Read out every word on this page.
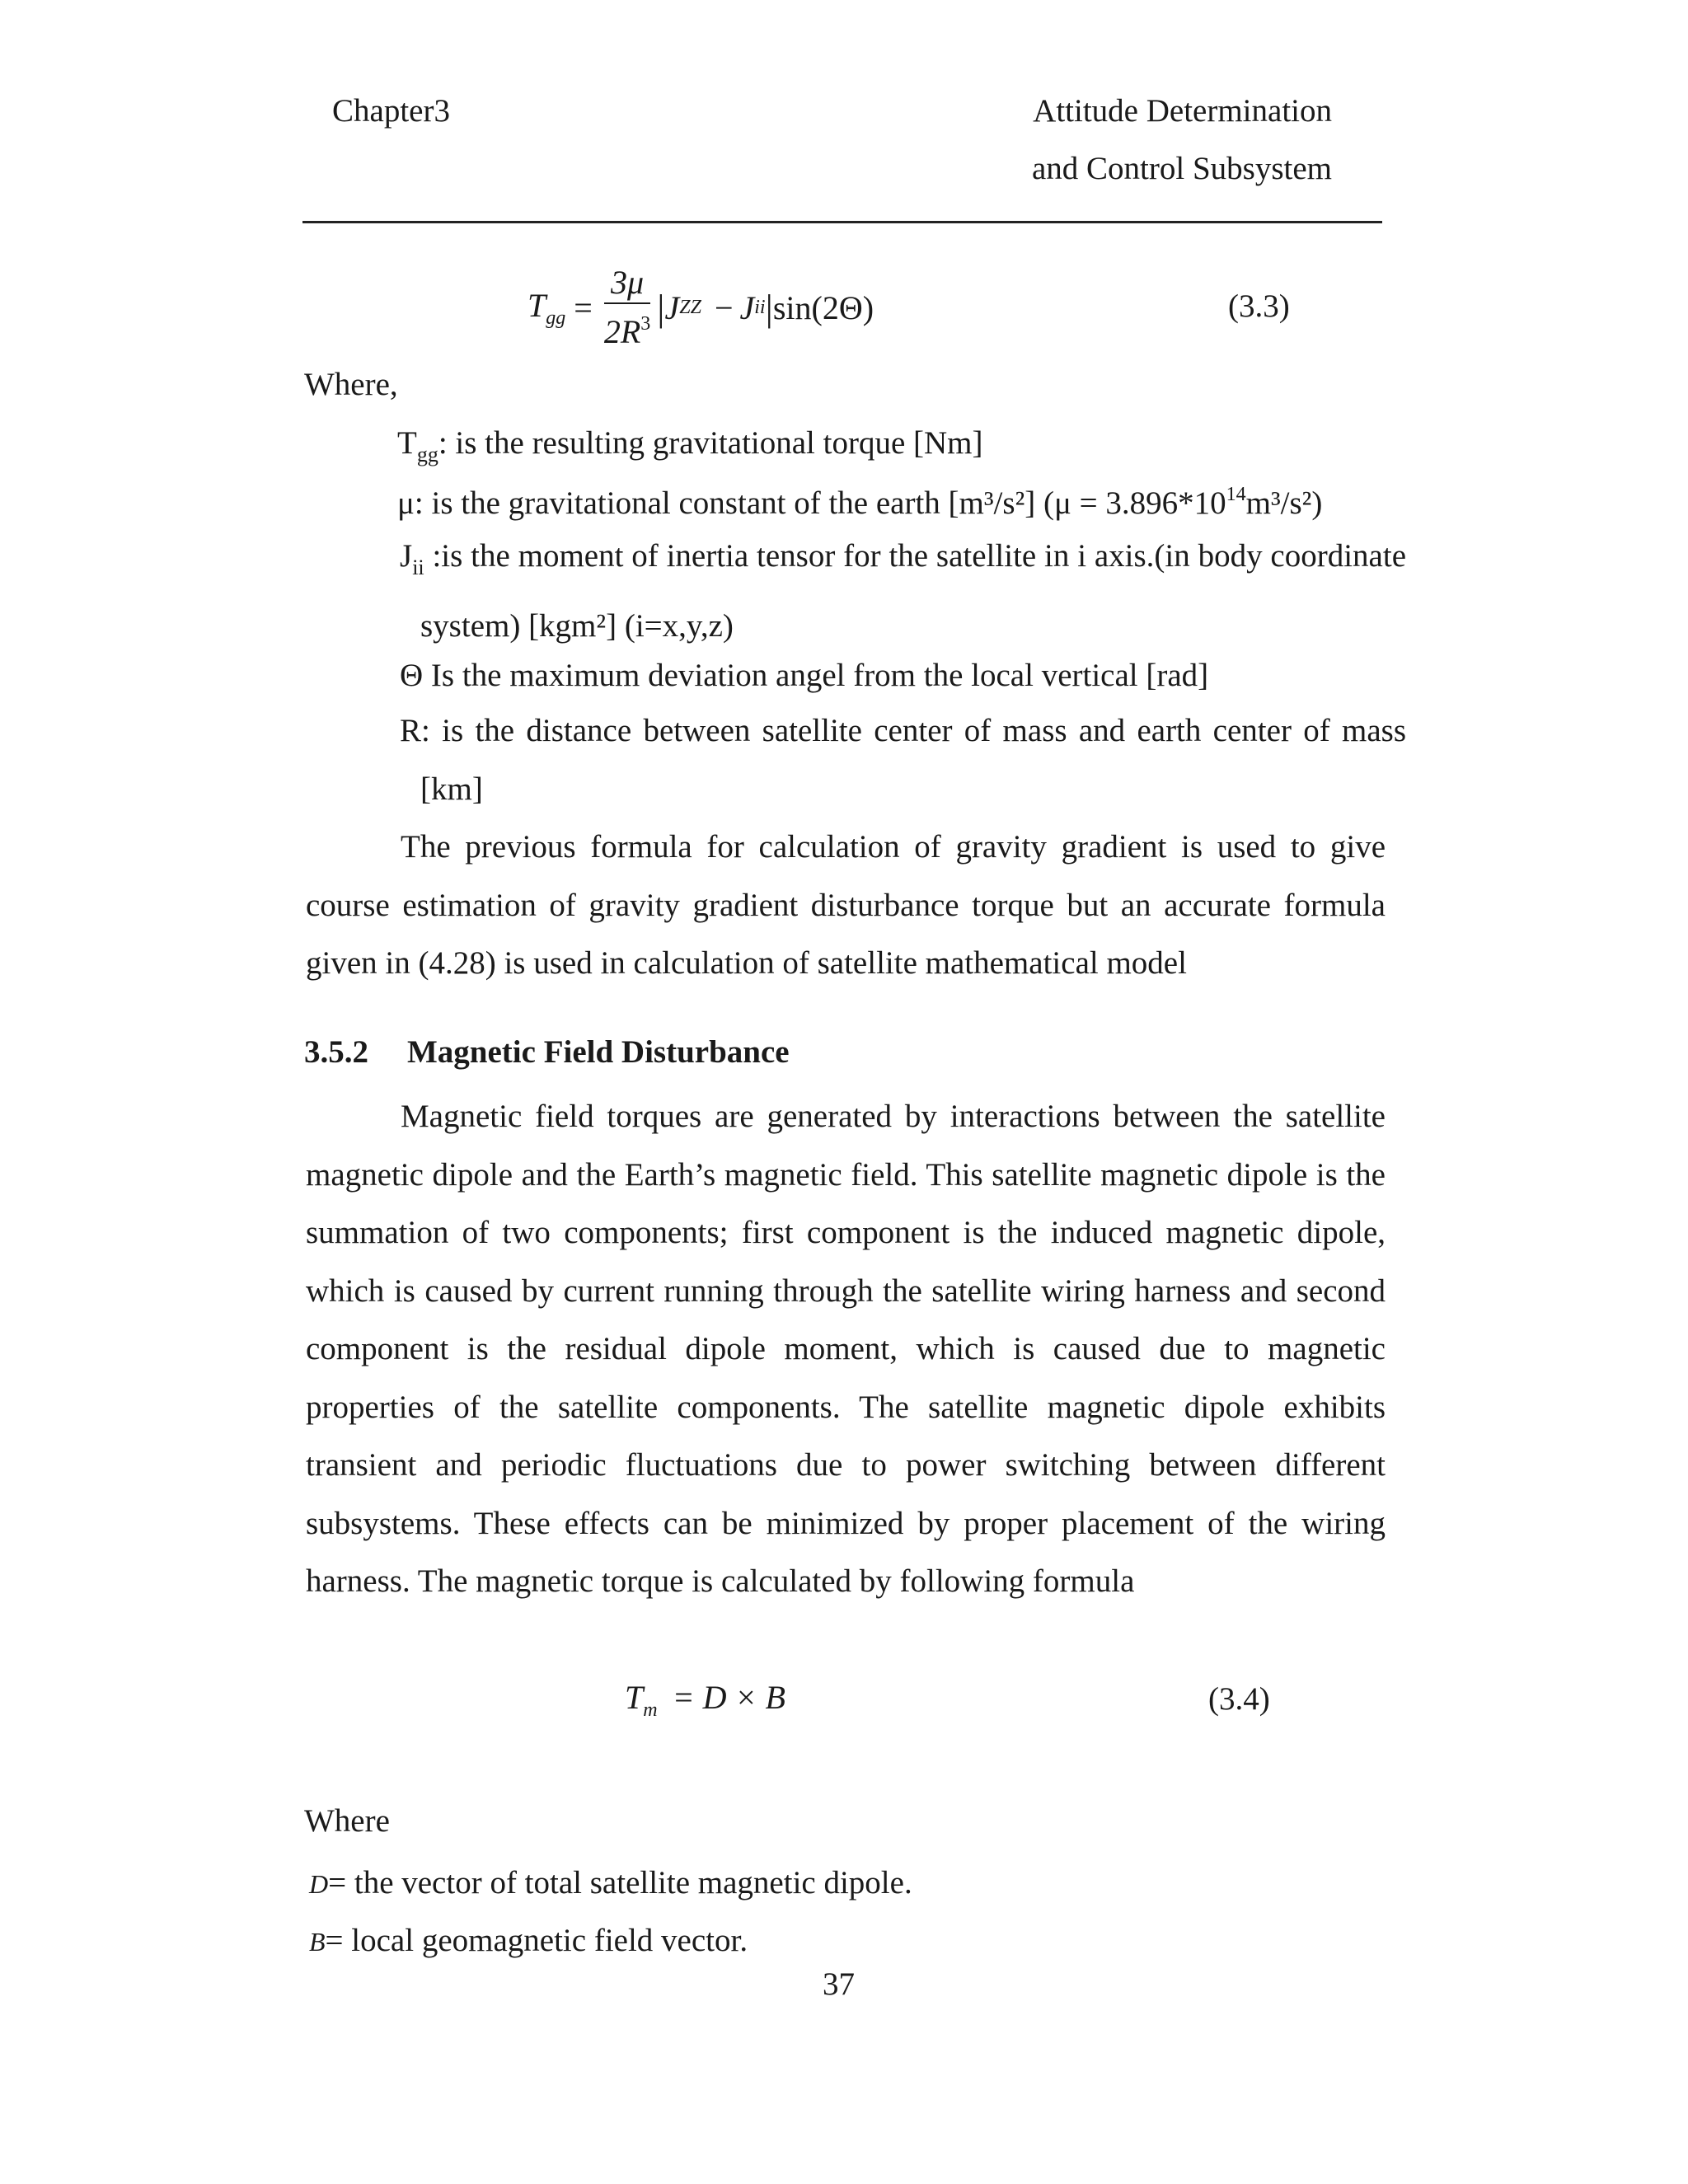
Chapter3	Attitude Determination
and Control Subsystem
$T_{gg} = \frac{3\mu}{2R^3}$ | J ZZ − J ii | sin(2Θ)	(3.3)
Where,
$T_{gg}$: is the resulting gravitational torque [Nm]
μ: is the gravitational constant of the earth [m³/s²] $(\mu = 3.896*10^{14}m^3/s^2)$
$J_{ii}$ :is the moment of inertia tensor for the satellite in i axis.(in body coordinate system) [kgm²] (i=x,y,z)
Θ Is the maximum deviation angel from the local vertical [rad]
R: is the distance between satellite center of mass and earth center of mass [km]
The previous formula for calculation of gravity gradient is used to give course estimation of gravity gradient disturbance torque but an accurate formula given in (4.28) is used in calculation of satellite mathematical model
3.5.2 Magnetic Field Disturbance
Magnetic field torques are generated by interactions between the satellite magnetic dipole and the Earth’s magnetic field. This satellite magnetic dipole is the summation of two components; first component is the induced magnetic dipole, which is caused by current running through the satellite wiring harness and second component is the residual dipole moment, which is caused due to magnetic properties of the satellite components. The satellite magnetic dipole exhibits transient and periodic fluctuations due to power switching between different subsystems. These effects can be minimized by proper placement of the wiring harness. The magnetic torque is calculated by following formula
$T_m = D \times B$	(3.4)
Where
D= the vector of total satellite magnetic dipole.
B= local geomagnetic field vector.
37
